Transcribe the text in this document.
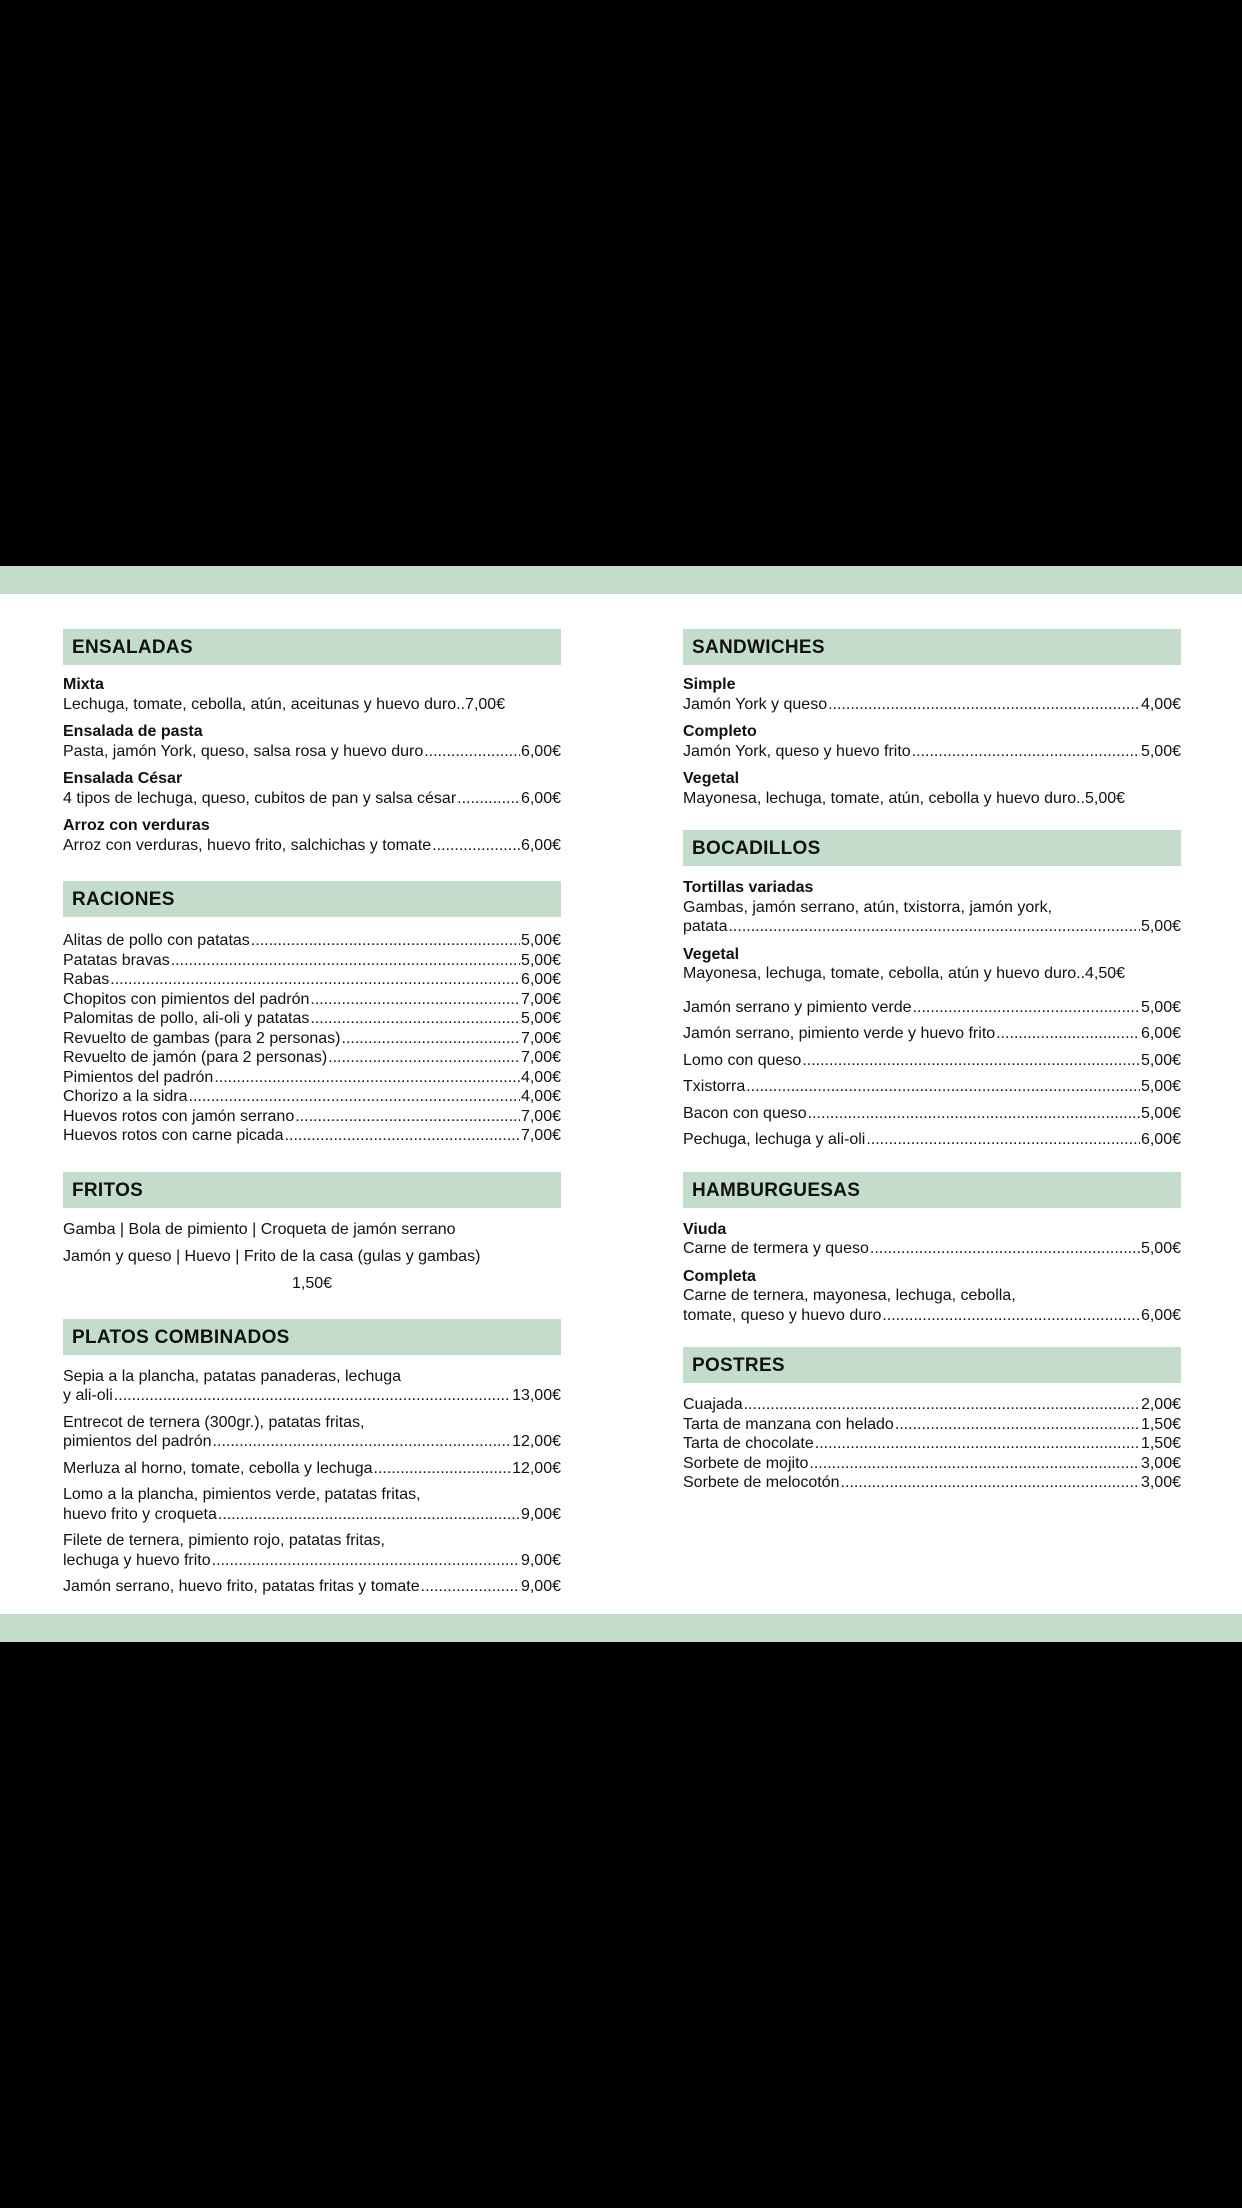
ENSALADAS
Mixta
Lechuga, tomate, cebolla, atún, aceitunas y huevo duro.. 7,00€
Ensalada de pasta
Pasta, jamón York, queso, salsa rosa y huevo duro .....	6,00€
Ensalada César
4 tipos de lechuga, queso, cubitos de pan y salsa césar .....	6,00€
Arroz con verduras
Arroz con verduras, huevo frito, salchichas y tomate .....	6,00€
RACIONES
Alitas de pollo con patatas .....	5,00€
Patatas bravas .....	5,00€
Rabas .....	6,00€
Chopitos con pimientos del padrón .....	7,00€
Palomitas de pollo, ali-oli y patatas .....	5,00€
Revuelto de gambas (para 2 personas) .....	7,00€
Revuelto de jamón (para 2 personas) .....	7,00€
Pimientos del padrón .....	4,00€
Chorizo a la sidra .....	4,00€
Huevos rotos con jamón serrano .....	7,00€
Huevos rotos con carne picada .....	7,00€
FRITOS
Gamba | Bola de pimiento | Croqueta de jamón serrano
Jamón y queso | Huevo | Frito de la casa (gulas y gambas)
1,50€
PLATOS COMBINADOS
Sepia a la plancha, patatas panaderas, lechuga
y ali-oli .....	13,00€
Entrecot de ternera (300gr.), patatas fritas,
pimientos del padrón .....	12,00€
Merluza al horno, tomate, cebolla y lechuga .....	12,00€
Lomo a la plancha, pimientos verde, patatas fritas,
huevo frito y croqueta .....	9,00€
Filete de ternera, pimiento rojo, patatas fritas,
lechuga y huevo frito .....	9,00€
Jamón serrano, huevo frito, patatas fritas y tomate .....	9,00€
SANDWICHES
Simple
Jamón York y queso .....	4,00€
Completo
Jamón York, queso y huevo frito .....	5,00€
Vegetal
Mayonesa, lechuga, tomate, atún, cebolla y huevo duro.. 5,00€
BOCADILLOS
Tortillas variadas
Gambas, jamón serrano, atún, txistorra, jamón york,
patata .....	5,00€
Vegetal
Mayonesa, lechuga, tomate, cebolla, atún y huevo duro.. 4,50€
Jamón serrano y pimiento verde .....	5,00€
Jamón serrano, pimiento verde y huevo frito .....	6,00€
Lomo con queso .....	5,00€
Txistorra .....	5,00€
Bacon con queso .....	5,00€
Pechuga, lechuga y ali-oli .....	6,00€
HAMBURGUESAS
Viuda
Carne de termera y queso .....	5,00€
Completa
Carne de ternera, mayonesa, lechuga, cebolla,
tomate, queso y huevo duro .....	6,00€
POSTRES
Cuajada .....	2,00€
Tarta de manzana con helado .....	1,50€
Tarta de chocolate .....	1,50€
Sorbete de mojito .....	3,00€
Sorbete de melocotón .....	3,00€
